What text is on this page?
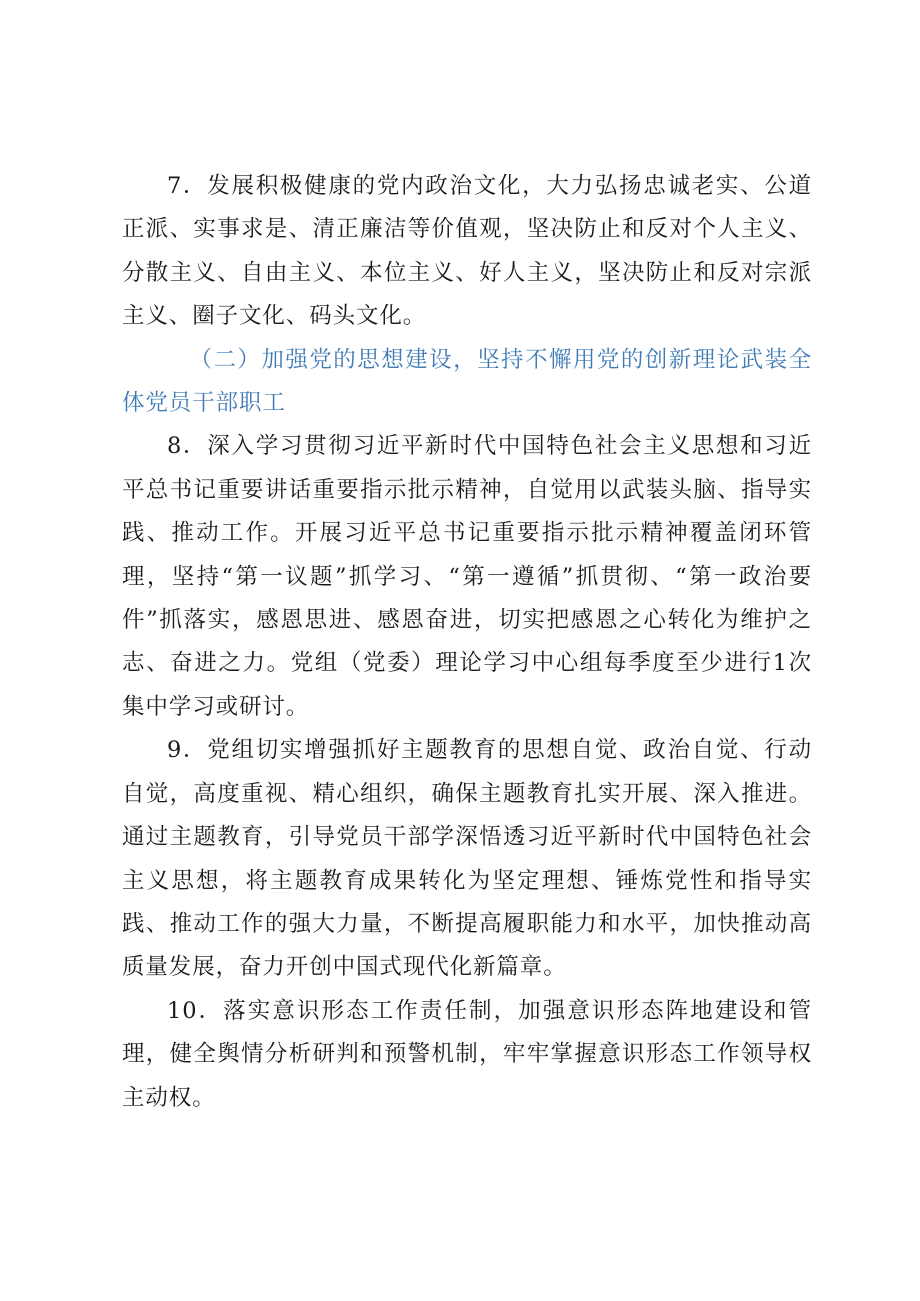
7．发展积极健康的党内政治文化，大力弘扬忠诚老实、公道正派、实事求是、清正廉洁等价值观，坚决防止和反对个人主义、分散主义、自由主义、本位主义、好人主义，坚决防止和反对宗派主义、圈子文化、码头文化。

（二）加强党的思想建设，坚持不懈用党的创新理论武装全体党员干部职工

8．深入学习贯彻习近平新时代中国特色社会主义思想和习近平总书记重要讲话重要指示批示精神，自觉用以武装头脑、指导实践、推动工作。开展习近平总书记重要指示批示精神覆盖闭环管理，坚持“第一议题”抓学习、“第一遵循”抓贯彻、“第一政治要件”抓落实，感恩思进、感恩奋进，切实把感恩之心转化为维护之志、奋进之力。党组（党委）理论学习中心组每季度至少进行1次集中学习或研讨。

9．党组切实增强抓好主题教育的思想自觉、政治自觉、行动自觉，高度重视、精心组织，确保主题教育扎实开展、深入推进。通过主题教育，引导党员干部学深悟透习近平新时代中国特色社会主义思想，将主题教育成果转化为坚定理想、锤炼党性和指导实践、推动工作的强大力量，不断提高履职能力和水平，加快推动高质量发展，奋力开创中国式现代化新篇章。

10．落实意识形态工作责任制，加强意识形态阵地建设和管理，健全舆情分析研判和预警机制，牢牢掌握意识形态工作领导权主动权。
